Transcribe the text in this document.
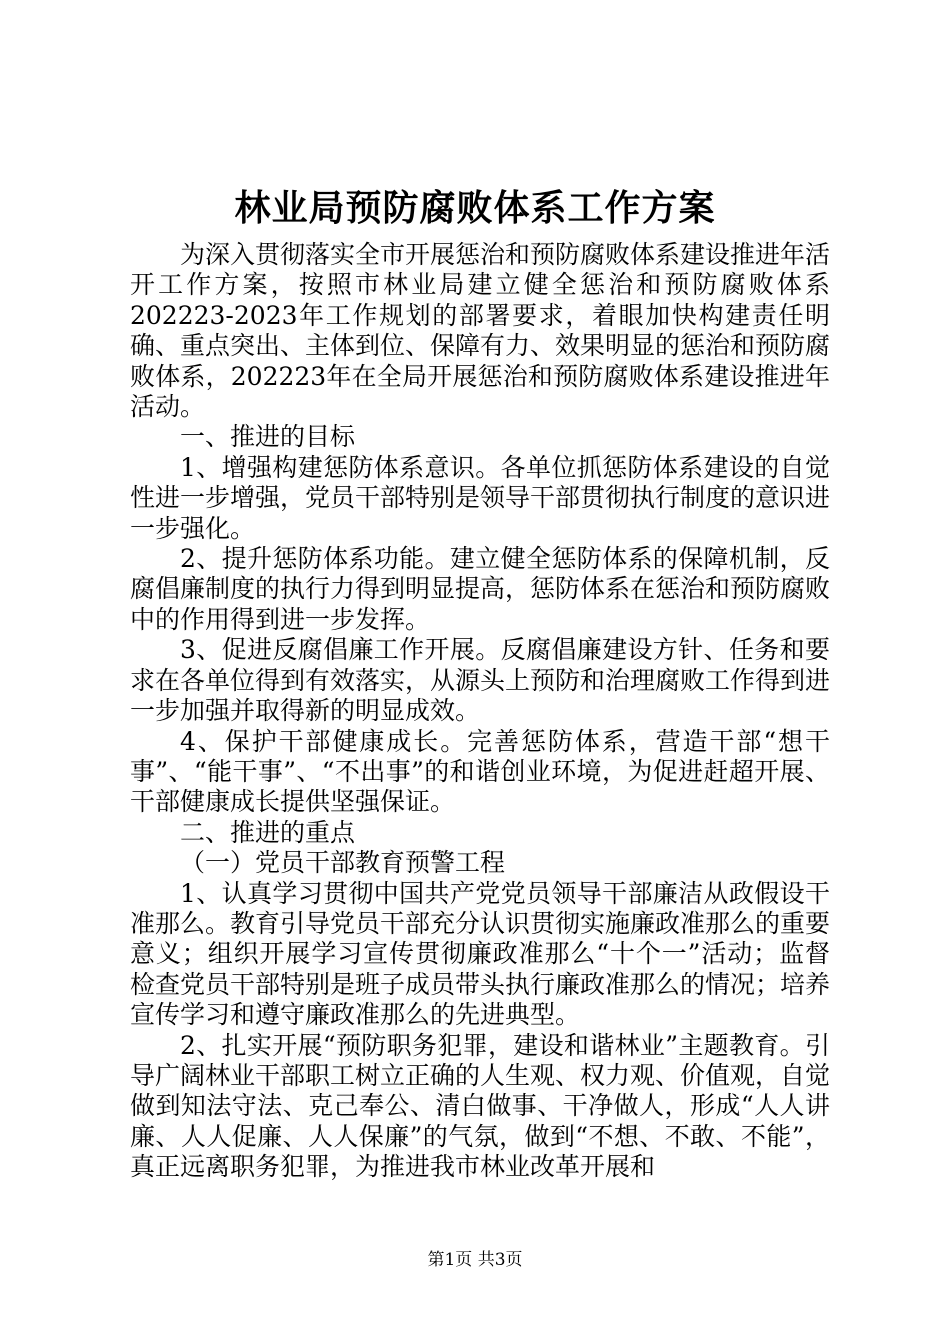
林业局预防腐败体系工作方案

为深入贯彻落实全市开展惩治和预防腐败体系建设推进年活开工作方案，按照市林业局建立健全惩治和预防腐败体系202223-2023年工作规划的部署要求，着眼加快构建责任明确、重点突出、主体到位、保障有力、效果明显的惩治和预防腐败体系，202223年在全局开展惩治和预防腐败体系建设推进年活动。

一、推进的目标

1、增强构建惩防体系意识。各单位抓惩防体系建设的自觉性进一步增强，党员干部特别是领导干部贯彻执行制度的意识进一步强化。

2、提升惩防体系功能。建立健全惩防体系的保障机制，反腐倡廉制度的执行力得到明显提高，惩防体系在惩治和预防腐败中的作用得到进一步发挥。

3、促进反腐倡廉工作开展。反腐倡廉建设方针、任务和要求在各单位得到有效落实，从源头上预防和治理腐败工作得到进一步加强并取得新的明显成效。

4、保护干部健康成长。完善惩防体系，营造干部“想干事”、“能干事”、“不出事”的和谐创业环境，为促进赶超开展、干部健康成长提供坚强保证。

二、推进的重点

（一）党员干部教育预警工程

1、认真学习贯彻中国共产党党员领导干部廉洁从政假设干准那么。教育引导党员干部充分认识贯彻实施廉政准那么的重要意义；组织开展学习宣传贯彻廉政准那么“十个一”活动；监督检查党员干部特别是班子成员带头执行廉政准那么的情况；培养宣传学习和遵守廉政准那么的先进典型。

2、扎实开展“预防职务犯罪，建设和谐林业”主题教育。引导广阔林业干部职工树立正确的人生观、权力观、价值观，自觉做到知法守法、克己奉公、清白做事、干净做人，形成“人人讲廉、人人促廉、人人保廉”的气氛，做到“不想、不敢、不能”，真正远离职务犯罪，为推进我市林业改革开展和

第1页 共3页
